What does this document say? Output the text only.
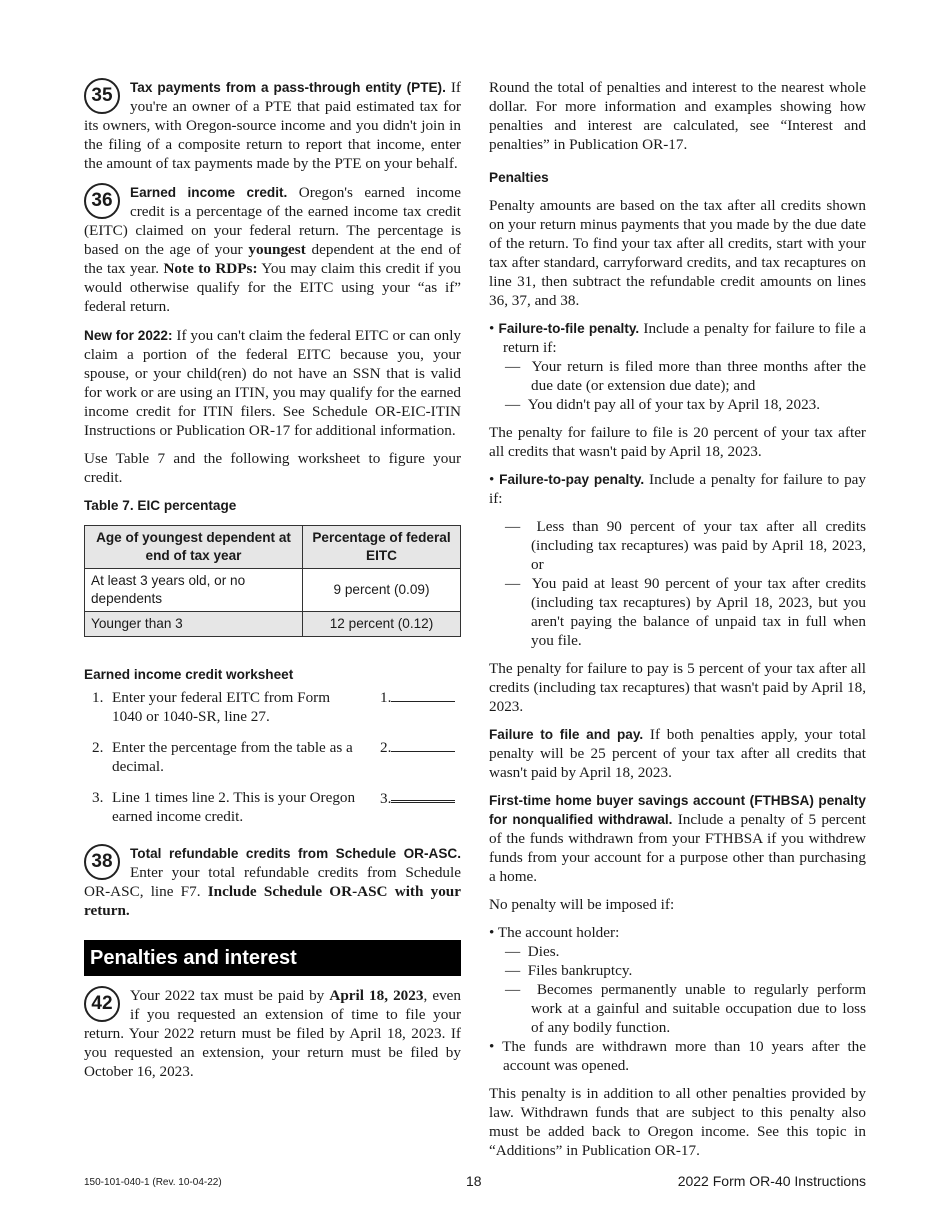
35	Tax payments from a pass-through entity (PTE). If you're an owner of a PTE that paid estimated tax for its owners, with Oregon-source income and you didn't join in the filing of a composite return to report that income, enter the amount of tax payments made by the PTE on your behalf.
36	Earned income credit. Oregon's earned income credit is a percentage of the earned income tax credit (EITC) claimed on your federal return. The percentage is based on the age of your youngest dependent at the end of the tax year. Note to RDPs: You may claim this credit if you would otherwise qualify for the EITC using your “as if” federal return.

New for 2022: If you can't claim the federal EITC or can only claim a portion of the federal EITC because you, your spouse, or your child(ren) do not have an SSN that is valid for work or are using an ITIN, you may qualify for the earned income credit for ITIN filers. See Schedule OR-EIC-ITIN Instructions or Publication OR-17 for additional information.

Use Table 7 and the following worksheet to figure your credit.

Table 7. EIC percentage
Age of youngest dependent at end of tax year	Percentage of federal EITC
At least 3 years old, or no dependents	9 percent (0.09)
Younger than 3	12 percent (0.12)
Earned income credit worksheet
1. Enter your federal EITC from Form 1040 or 1040-SR, line 27.
1.
2. Enter the percentage from the table as a decimal.
2.
3. Line 1 times line 2. This is your Oregon earned income credit.
3.
38	Total refundable credits from Schedule OR-ASC. Enter your total refundable credits from Schedule OR-ASC, line F7. Include Schedule OR-ASC with your return.
Penalties and interest
42	Your 2022 tax must be paid by April 18, 2023, even if you requested an extension of time to file your return. Your 2022 return must be filed by April 18, 2023. If you requested an extension, your return must be filed by October 16, 2023.

Round the total of penalties and interest to the nearest whole dollar. For more information and examples showing how penalties and interest are calculated, see “Interest and penalties” in Publication OR-17.

Penalties

Penalty amounts are based on the tax after all credits shown on your return minus payments that you made by the due date of the return. To find your tax after all credits, start with your tax after standard, carryforward credits, and tax recaptures on line 31, then subtract the refundable credit amounts on lines 36, 37, and 38.

• Failure-to-file penalty. Include a penalty for failure to file a return if:
—  Your return is filed more than three months after the due date (or extension due date); and
—  You didn't pay all of your tax by April 18, 2023.

The penalty for failure to file is 20 percent of your tax after all credits that wasn't paid by April 18, 2023.

• Failure-to-pay penalty. Include a penalty for failure to pay if:
—  Less than 90 percent of your tax after all credits (including tax recaptures) was paid by April 18, 2023, or
—  You paid at least 90 percent of your tax after credits (including tax recaptures) by April 18, 2023, but you aren't paying the balance of unpaid tax in full when you file.

The penalty for failure to pay is 5 percent of your tax after all credits (including tax recaptures) that wasn't paid by April 18, 2023.

Failure to file and pay. If both penalties apply, your total penalty will be 25 percent of your tax after all credits that wasn't paid by April 18, 2023.

First-time home buyer savings account (FTHBSA) penalty for nonqualified withdrawal. Include a penalty of 5 percent of the funds withdrawn from your FTHBSA if you withdrew funds from your account for a purpose other than purchasing a home.

No penalty will be imposed if:

• The account holder:
—  Dies.
—  Files bankruptcy.
—  Becomes permanently unable to regularly perform work at a gainful and suitable occupation due to loss of any bodily function.
• The funds are withdrawn more than 10 years after the account was opened.

This penalty is in addition to all other penalties provided by law. Withdrawn funds that are subject to this penalty also must be added back to Oregon income. See this topic in “Additions” in Publication OR-17.

150-101-040-1 (Rev. 10-04-22)	18	2022 Form OR-40 Instructions
